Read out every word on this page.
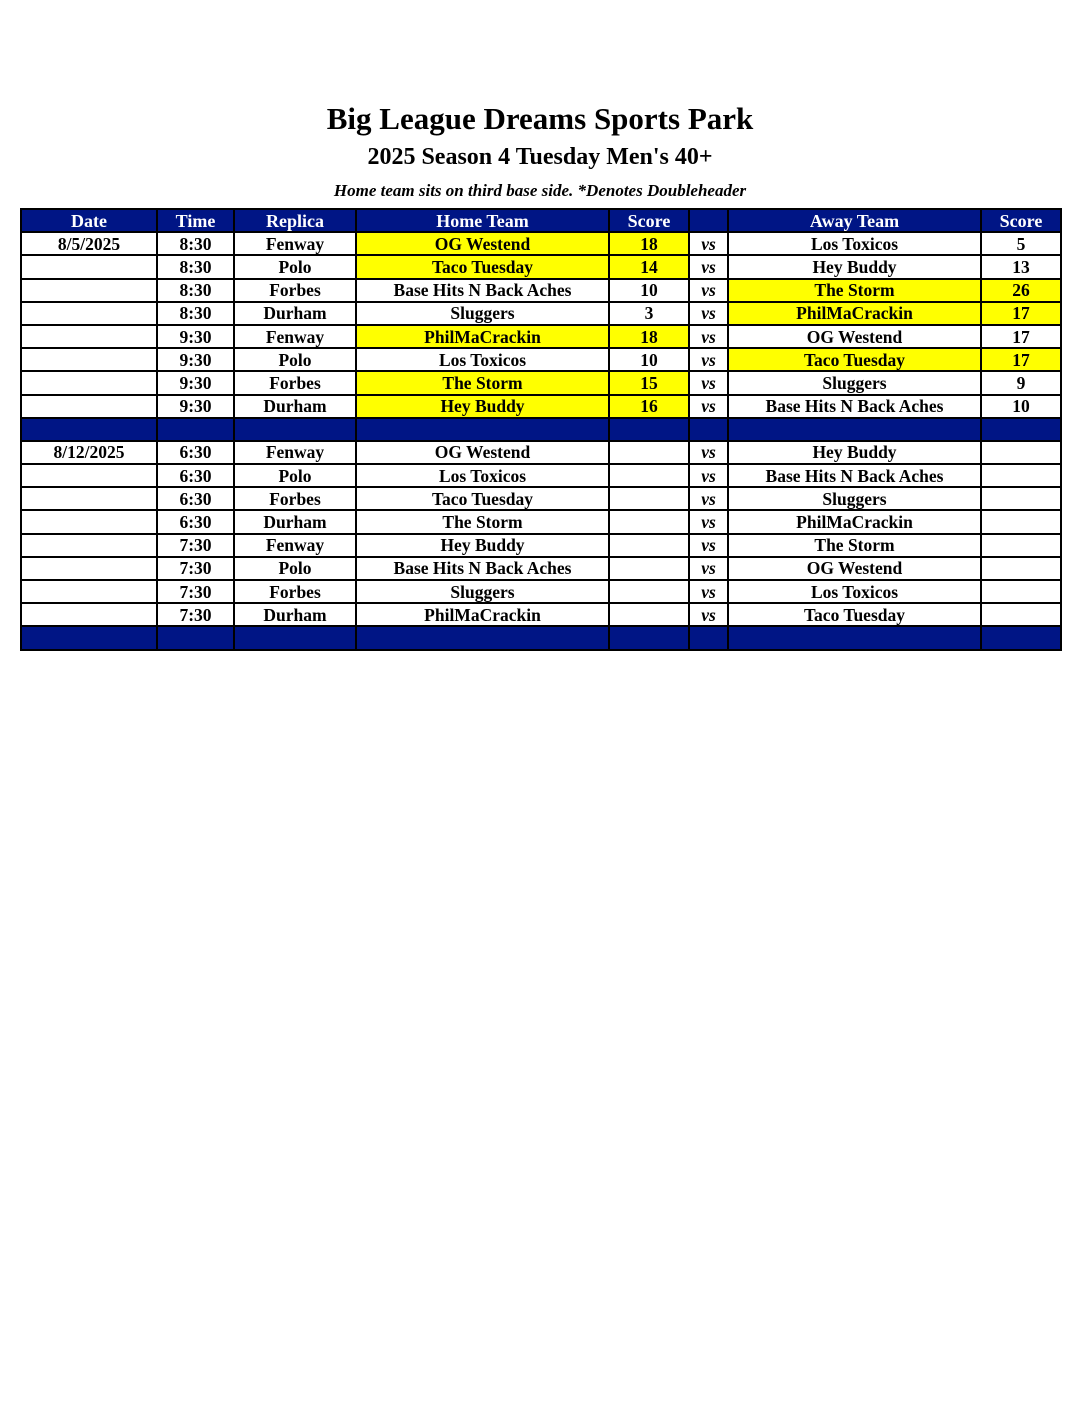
Big League Dreams Sports Park
2025 Season 4 Tuesday Men's 40+
Home team sits on third base side. *Denotes Doubleheader
Date	Time	Replica	Home Team	Score		Away Team	Score
8/5/2025	8:30	Fenway	OG Westend	18	vs	Los Toxicos	5
	8:30	Polo	Taco Tuesday	14	vs	Hey Buddy	13
	8:30	Forbes	Base Hits N Back Aches	10	vs	The Storm	26
	8:30	Durham	Sluggers	3	vs	PhilMaCrackin	17
	9:30	Fenway	PhilMaCrackin	18	vs	OG Westend	17
	9:30	Polo	Los Toxicos	10	vs	Taco Tuesday	17
	9:30	Forbes	The Storm	15	vs	Sluggers	9
	9:30	Durham	Hey Buddy	16	vs	Base Hits N Back Aches	10

8/12/2025	6:30	Fenway	OG Westend		vs	Hey Buddy	
	6:30	Polo	Los Toxicos		vs	Base Hits N Back Aches	
	6:30	Forbes	Taco Tuesday		vs	Sluggers	
	6:30	Durham	The Storm		vs	PhilMaCrackin	
	7:30	Fenway	Hey Buddy		vs	The Storm	
	7:30	Polo	Base Hits N Back Aches		vs	OG Westend	
	7:30	Forbes	Sluggers		vs	Los Toxicos	
	7:30	Durham	PhilMaCrackin		vs	Taco Tuesday	
